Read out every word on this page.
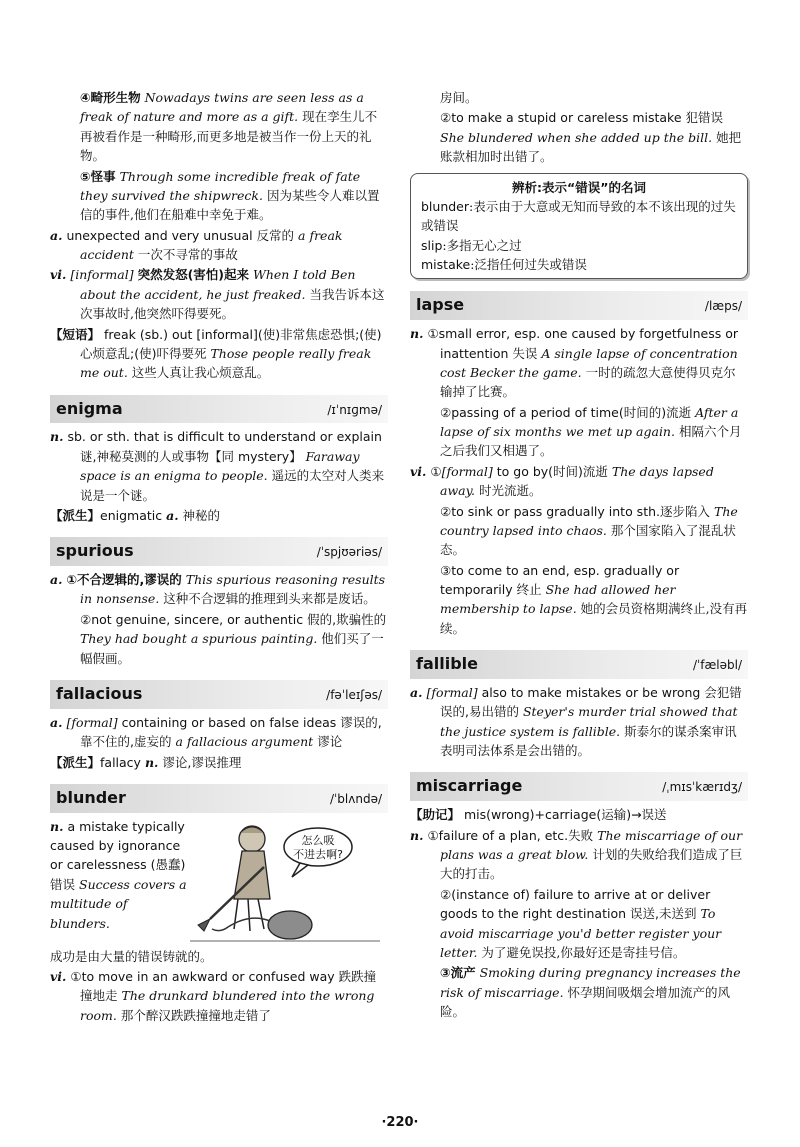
④畸形生物 Nowadays twins are seen less as a freak of nature and more as a gift. 现在孪生儿不再被看作是一种畸形,而更多地是被当作一份上天的礼物。
⑤怪事 Through some incredible freak of fate they survived the shipwreck. 因为某些令人难以置信的事件,他们在船难中幸免于难。
a. unexpected and very unusual 反常的 a freak accident 一次不寻常的事故
vi. [informal] 突然发怒(害怕)起来 When I told Ben about the accident, he just freaked. 当我告诉本这次事故时,他突然吓得要死。
【短语】 freak (sb.) out [informal](使)非常焦虑恐惧;(使)心烦意乱;(使)吓得要死 Those people really freak me out. 这些人真让我心烦意乱。
enigma	/ɪˈnɪɡmə/
n. sb. or sth. that is difficult to understand or explain 谜,神秘莫测的人或事物【同 mystery】 Faraway space is an enigma to people. 遥远的太空对人类来说是一个谜。
【派生】enigmatic a. 神秘的
spurious	/ˈspjʊəriəs/
a. ①不合逻辑的,谬误的 This spurious reasoning results in nonsense. 这种不合逻辑的推理到头来都是废话。
②not genuine, sincere, or authentic 假的,欺骗性的 They had bought a spurious painting. 他们买了一幅假画。
fallacious	/fəˈleɪʃəs/
a. [formal] containing or based on false ideas 谬误的,靠不住的,虚妄的 a fallacious argument 谬论
【派生】fallacy n. 谬论,谬误推理
blunder	/ˈblʌndə/
n. a mistake typically caused by ignorance or carelessness (愚蠢)错误 Success covers a multitude of blunders.
怎么吸
不进去啊?
成功是由大量的错误铸就的。
vi. ①to move in an awkward or confused way 跌跌撞撞地走 The drunkard blundered into the wrong room. 那个醉汉跌跌撞撞地走错了
房间。
②to make a stupid or careless mistake 犯错误 She blundered when she added up the bill. 她把账款相加时出错了。
辨析:表示“错误”的名词
blunder:表示由于大意或无知而导致的本不该出现的过失或错误
slip:多指无心之过
mistake:泛指任何过失或错误
lapse	/læps/
n. ①small error, esp. one caused by forgetfulness or inattention 失误 A single lapse of concentration cost Becker the game. 一时的疏忽大意使得贝克尔输掉了比赛。
②passing of a period of time(时间的)流逝 After a lapse of six months we met up again. 相隔六个月之后我们又相遇了。
vi. ①[formal] to go by(时间)流逝 The days lapsed away. 时光流逝。
②to sink or pass gradually into sth.逐步陷入 The country lapsed into chaos. 那个国家陷入了混乱状态。
③to come to an end, esp. gradually or temporarily 终止 She had allowed her membership to lapse. 她的会员资格期满终止,没有再续。
fallible	/ˈfæləbl/
a. [formal] also to make mistakes or be wrong 会犯错误的,易出错的 Steyer's murder trial showed that the justice system is fallible. 斯泰尔的谋杀案审讯表明司法体系是会出错的。
miscarriage	/ˌmɪsˈkærɪdʒ/
【助记】 mis(wrong)+carriage(运输)→误送
n. ①failure of a plan, etc.失败 The miscarriage of our plans was a great blow. 计划的失败给我们造成了巨大的打击。
②(instance of) failure to arrive at or deliver goods to the right destination 误送,未送到 To avoid miscarriage you'd better register your letter. 为了避免误投,你最好还是寄挂号信。
③流产 Smoking during pregnancy increases the risk of miscarriage. 怀孕期间吸烟会增加流产的风险。
·220·
